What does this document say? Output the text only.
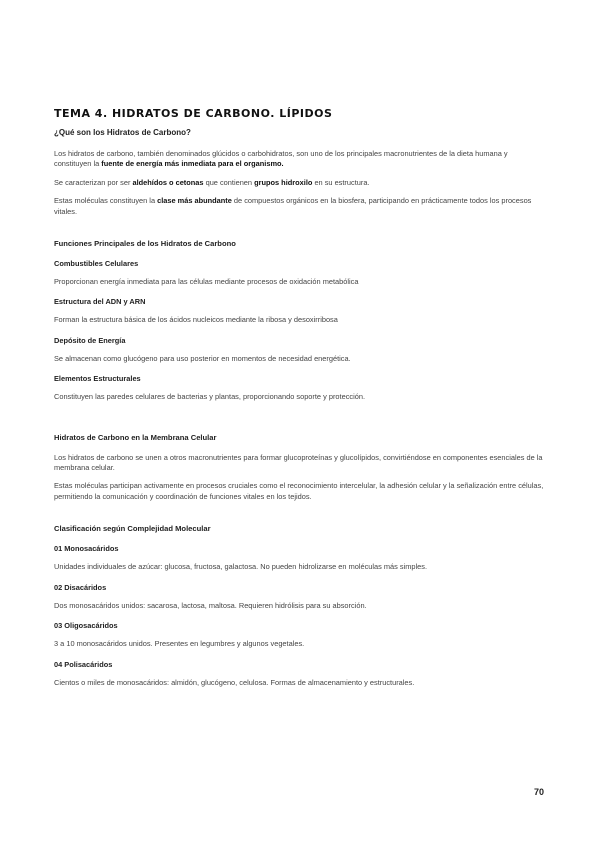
TEMA 4. HIDRATOS DE CARBONO. LÍPIDOS
¿Qué son los Hidratos de Carbono?

Los hidratos de carbono, también denominados glúcidos o carbohidratos, son uno de los principales macronutrientes de la dieta humana y constituyen la fuente de energía más inmediata para el organismo.

Se caracterizan por ser aldehídos o cetonas que contienen grupos hidroxilo en su estructura.

Estas moléculas constituyen la clase más abundante de compuestos orgánicos en la biosfera, participando en prácticamente todos los procesos vitales.

Funciones Principales de los Hidratos de Carbono
Combustibles Celulares

Proporcionan energía inmediata para las células mediante procesos de oxidación metabólica

Estructura del ADN y ARN

Forman la estructura básica de los ácidos nucleicos mediante la ribosa y desoxirribosa

Depósito de Energía

Se almacenan como glucógeno para uso posterior en momentos de necesidad energética.

Elementos Estructurales

Constituyen las paredes celulares de bacterias y plantas, proporcionando soporte y protección.

Hidratos de Carbono en la Membrana Celular

Los hidratos de carbono se unen a otros macronutrientes para formar glucoproteínas y glucolípidos, convirtiéndose en componentes esenciales de la membrana celular.

Estas moléculas participan activamente en procesos cruciales como el reconocimiento intercelular, la adhesión celular y la señalización entre células, permitiendo la comunicación y coordinación de funciones vitales en los tejidos.

Clasificación según Complejidad Molecular
01 Monosacáridos

Unidades individuales de azúcar: glucosa, fructosa, galactosa. No pueden hidrolizarse en moléculas más simples.

02 Disacáridos

Dos monosacáridos unidos: sacarosa, lactosa, maltosa. Requieren hidrólisis para su absorción.

03 Oligosacáridos

3 a 10 monosacáridos unidos. Presentes en legumbres y algunos vegetales.

04 Polisacáridos

Cientos o miles de monosacáridos: almidón, glucógeno, celulosa. Formas de almacenamiento y estructurales.

70
